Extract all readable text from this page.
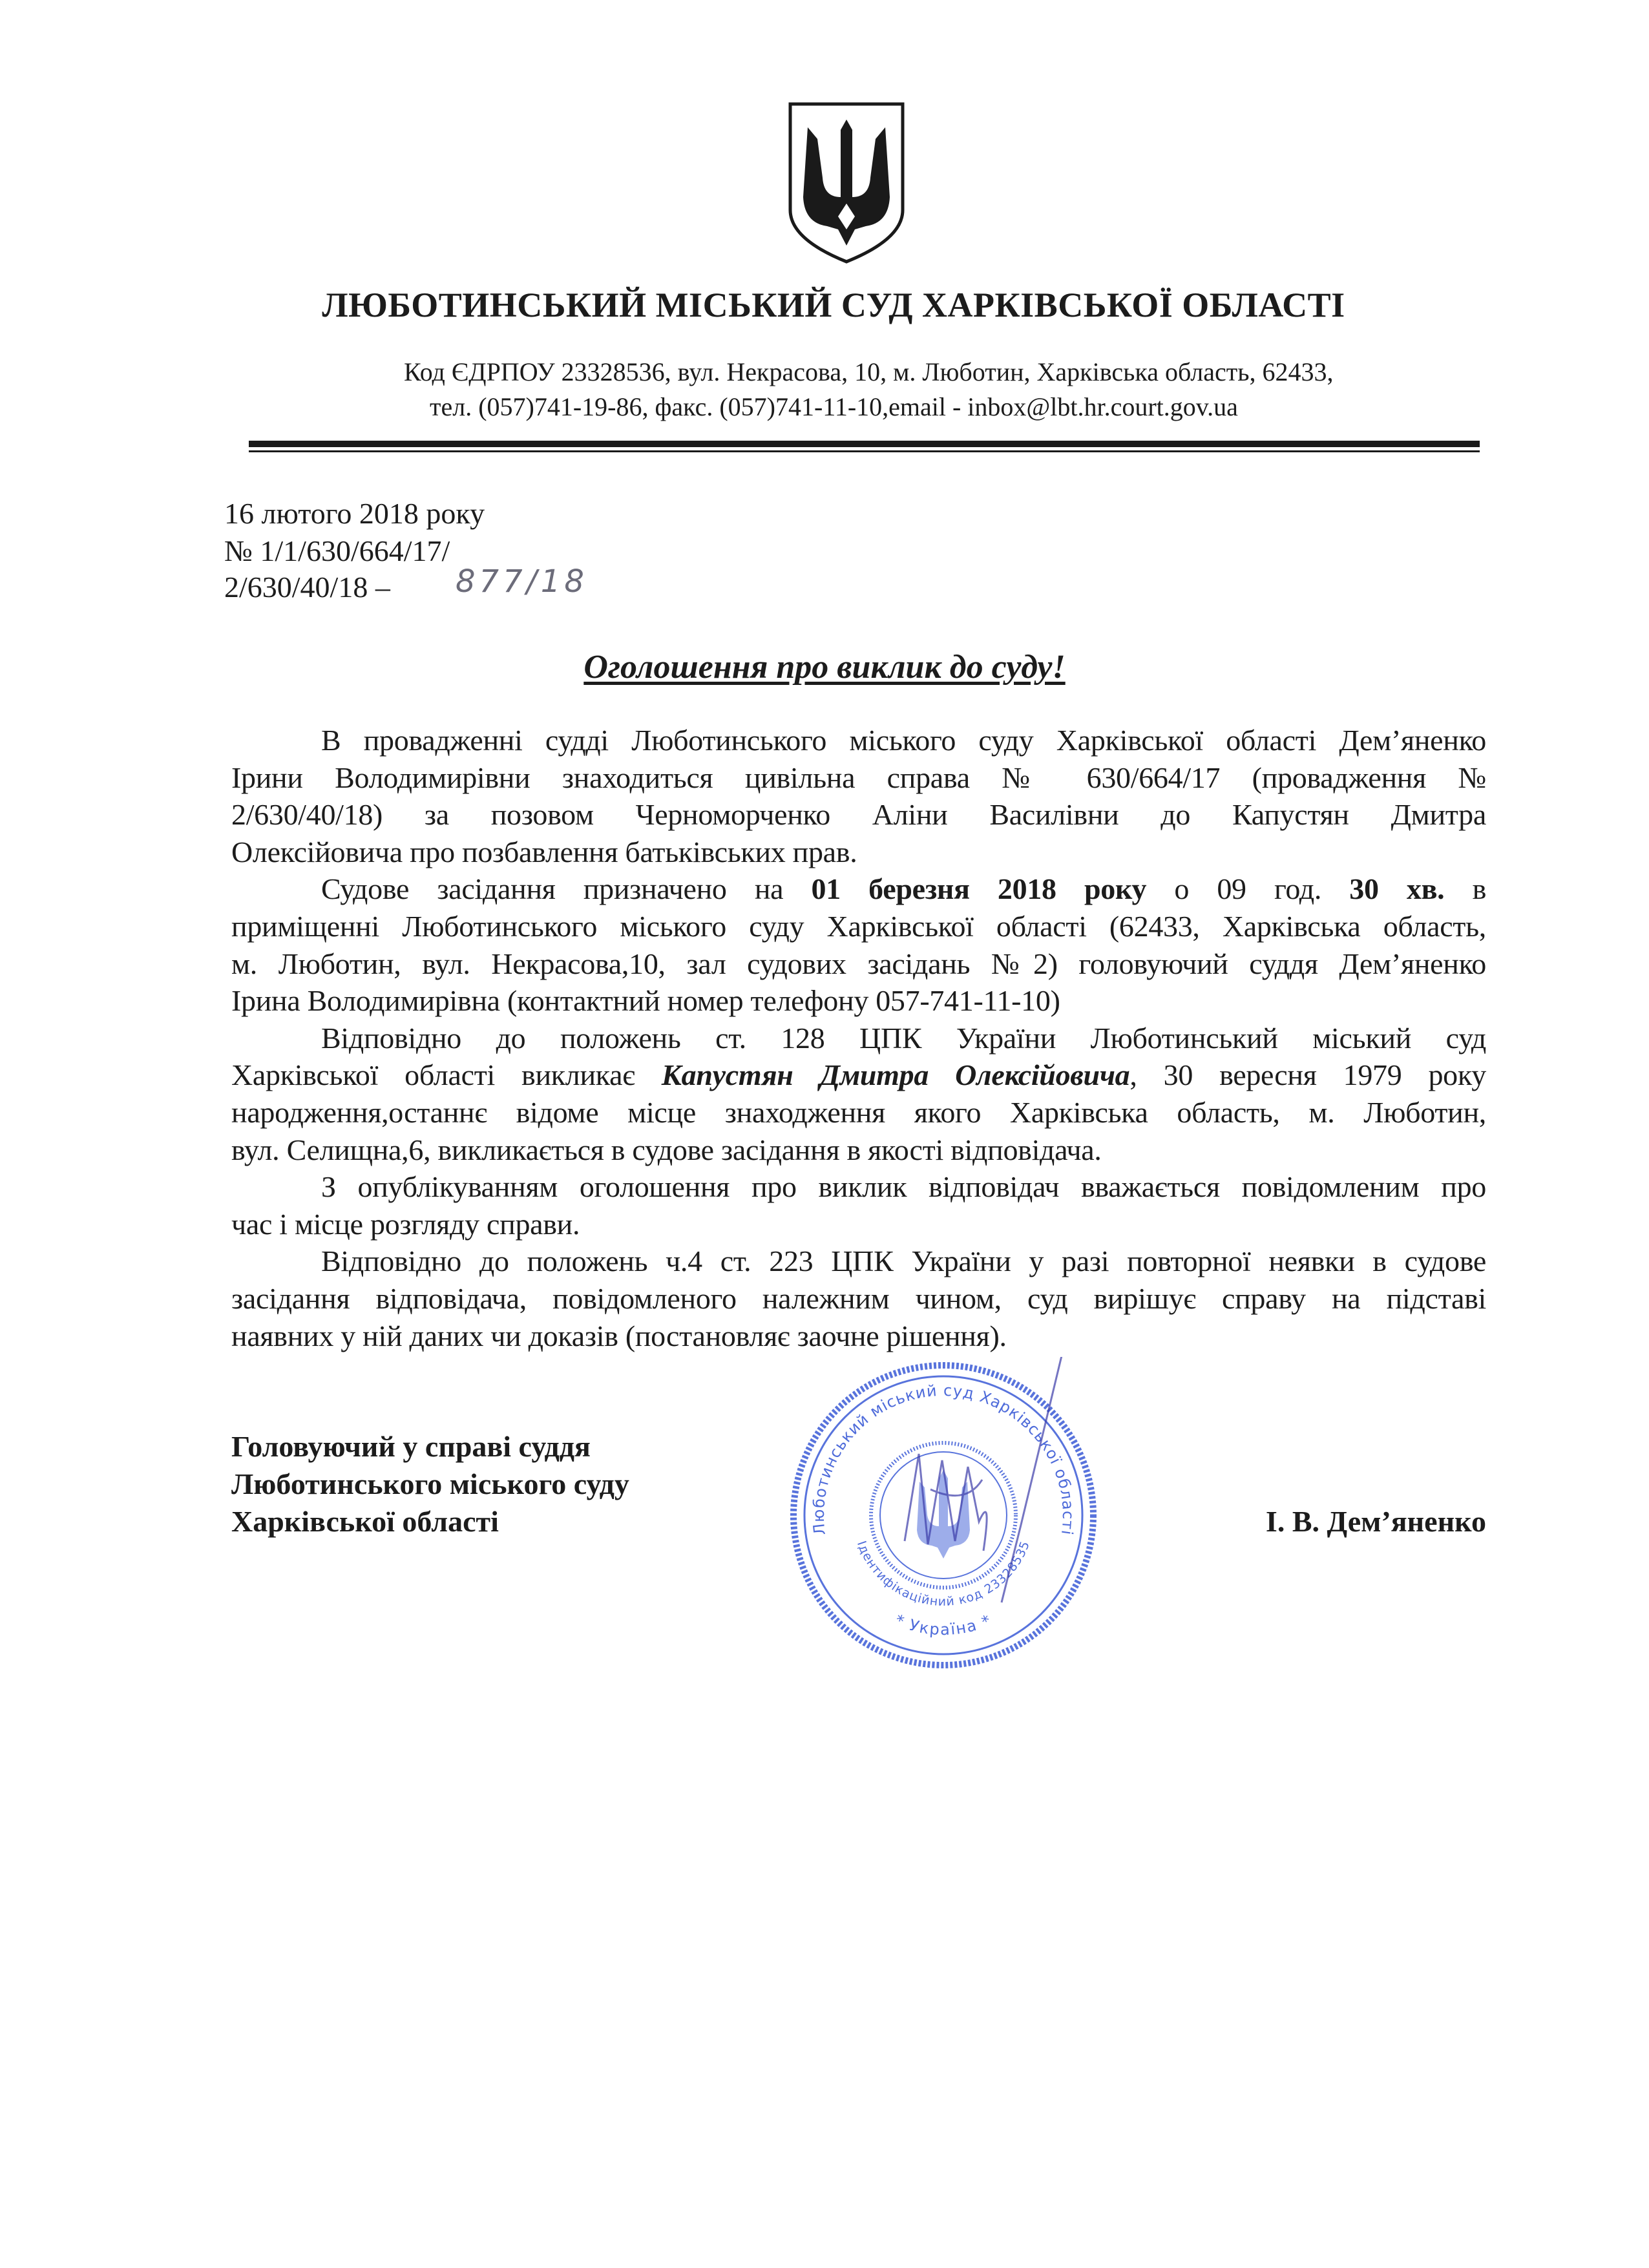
ЛЮБОТИНСЬКИЙ МІСЬКИЙ СУД ХАРКІВСЬКОЇ ОБЛАСТІ
Код ЄДРПОУ 23328536, вул. Некрасова, 10, м. Люботин, Харківська область, 62433,
тел. (057)741-19-86, факс. (057)741-11-10,email - inbox@lbt.hr.court.gov.ua
16 лютого 2018 року
№ 1/1/630/664/17/
2/630/40/18 – 877/18
Оголошення про виклик до суду!
В провадженні судді Люботинського міського суду Харківської області Дем’яненко
Ірини Володимирівни знаходиться цивільна справа № 630/664/17 (провадження №
2/630/40/18) за позовом Черноморченко Аліни Василівни до Капустян Дмитра
Олексійовича про позбавлення батьківських прав.
Судове засідання призначено на 01 березня 2018 року о 09 год. 30 хв. в
приміщенні Люботинського міського суду Харківської області (62433, Харківська область,
м. Люботин, вул. Некрасова,10, зал судових засідань №2) головуючий суддя Дем’яненко
Ірина Володимирівна (контактний номер телефону 057-741-11-10)
Відповідно до положень ст. 128 ЦПК України Люботинський міський суд
Харківської області викликає Капустян Дмитра Олексійовича, 30 вересня 1979 року
народження,останнє відоме місце знаходження якого Харківська область, м. Люботин,
вул. Селищна,6, викликається в судове засідання в якості відповідача.
З опублікуванням оголошення про виклик відповідач вважається повідомленим про
час і місце розгляду справи.
Відповідно до положень ч.4 ст. 223 ЦПК України у разі повторної неявки в судове
засідання відповідача, повідомленого належним чином, суд вирішує справу на підставі
наявних у ній даних чи доказів (постановляє заочне рішення).
Головуючий у справі суддя
Люботинського міського суду
Харківської області	І. В. Дем’яненко
Люботинський міський суд Харківської області
* Україна *
Ідентифікаційний код 23328535
